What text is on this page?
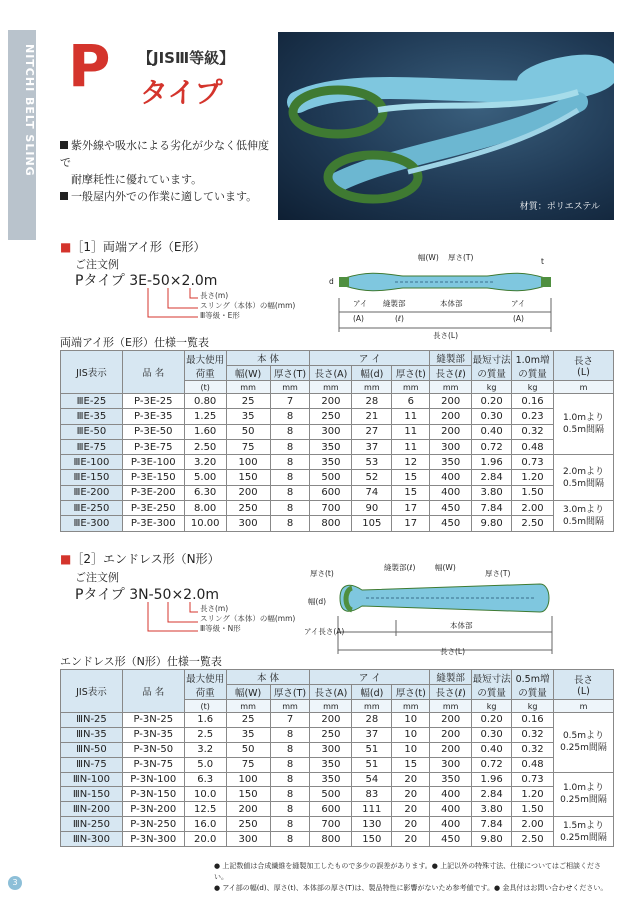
NITCHI BELT SLING
3
P 【JISⅢ等級】
タイプ
紫外線や吸水による劣化が少なく低伸度で
耐摩耗性に優れています。
一般屋内外での作業に適しています。
材質：ポリエステル
■［1］両端アイ形（E形）
ご注文例
Pタイプ 3E-50×2.0m
長さ(m)
スリング（本体）の幅(mm)
Ⅲ等級・E形
幅(W) 厚さ(T)	t
d
アイ 縫製部	本体部	アイ
(A)	(ℓ)	(A)
長さ(L)
両端アイ形（E形）仕様一覧表
JIS表示	品 名	最大使用荷重	本 体		ア イ			縫製部	最短寸法の質量	1.0m増の質量	長さ
(L)
			幅(W)	厚さ(T)	長さ(A)	幅(d)	厚さ(t)	長さ(ℓ)			
		(t)	mm	mm	mm	mm	mm	mm	kg	kg	m
ⅢE-25	P-3E-25	0.80	25	7	200	28	6	200	0.20	0.16	1.0mより0.5m間隔
ⅢE-35	P-3E-35	1.25	35	8	250	21	11	200	0.30	0.23	
ⅢE-50	P-3E-50	1.60	50	8	300	27	11	200	0.40	0.32	
ⅢE-75	P-3E-75	2.50	75	8	350	37	11	300	0.72	0.48	
ⅢE-100	P-3E-100	3.20	100	8	350	53	12	350	1.96	0.73	2.0mより0.5m間隔
ⅢE-150	P-3E-150	5.00	150	8	500	52	15	400	2.84	1.20	
ⅢE-200	P-3E-200	6.30	200	8	600	74	15	400	3.80	1.50	
ⅢE-250	P-3E-250	8.00	250	8	700	90	17	450	7.84	2.00	3.0mより0.5m間隔
ⅢE-300	P-3E-300	10.00	300	8	800	105	17	450	9.80	2.50	
■［2］エンドレス形（N形）
ご注文例
Pタイプ 3N-50×2.0m
長さ(m)
スリング（本体）の幅(mm)
Ⅲ等級・N形
厚さ(t)
縫製部(ℓ)	幅(W)
厚さ(T)
幅(d)
アイ長さ(A)
本体部
長さ(L)
エンドレス形（N形）仕様一覧表
JIS表示	品 名	最大使用荷重	本 体		ア イ			縫製部	最短寸法の質量	0.5m増の質量	長さ
(L)
			幅(W)	厚さ(T)	長さ(A)	幅(d)	厚さ(t)	長さ(ℓ)			
		(t)	mm	mm	mm	mm	mm	mm	kg	kg	m
ⅢN-25	P-3N-25	1.6	25	7	200	28	10	200	0.20	0.16	0.5mより0.25m間隔
ⅢN-35	P-3N-35	2.5	35	8	250	37	10	200	0.30	0.32	
ⅢN-50	P-3N-50	3.2	50	8	300	51	10	200	0.40	0.32	
ⅢN-75	P-3N-75	5.0	75	8	350	51	15	300	0.72	0.48	
ⅢN-100	P-3N-100	6.3	100	8	350	54	20	350	1.96	0.73	1.0mより0.25m間隔
ⅢN-150	P-3N-150	10.0	150	8	500	83	20	400	2.84	1.20	
ⅢN-200	P-3N-200	12.5	200	8	600	111	20	400	3.80	1.50	
ⅢN-250	P-3N-250	16.0	250	8	700	130	20	400	7.84	2.00	1.5mより0.25m間隔
ⅢN-300	P-3N-300	20.0	300	8	800	150	20	450	9.80	2.50	
● 上記数値は合成繊維を縫製加工したもので多少の誤差があります。● 上記以外の特殊寸法、仕様についてはご相談ください。
● アイ部の幅(d)、厚さ(t)、本体部の厚さ(T)は、製品特性に影響がないため参考値です。● 金具付はお問い合わせください。
